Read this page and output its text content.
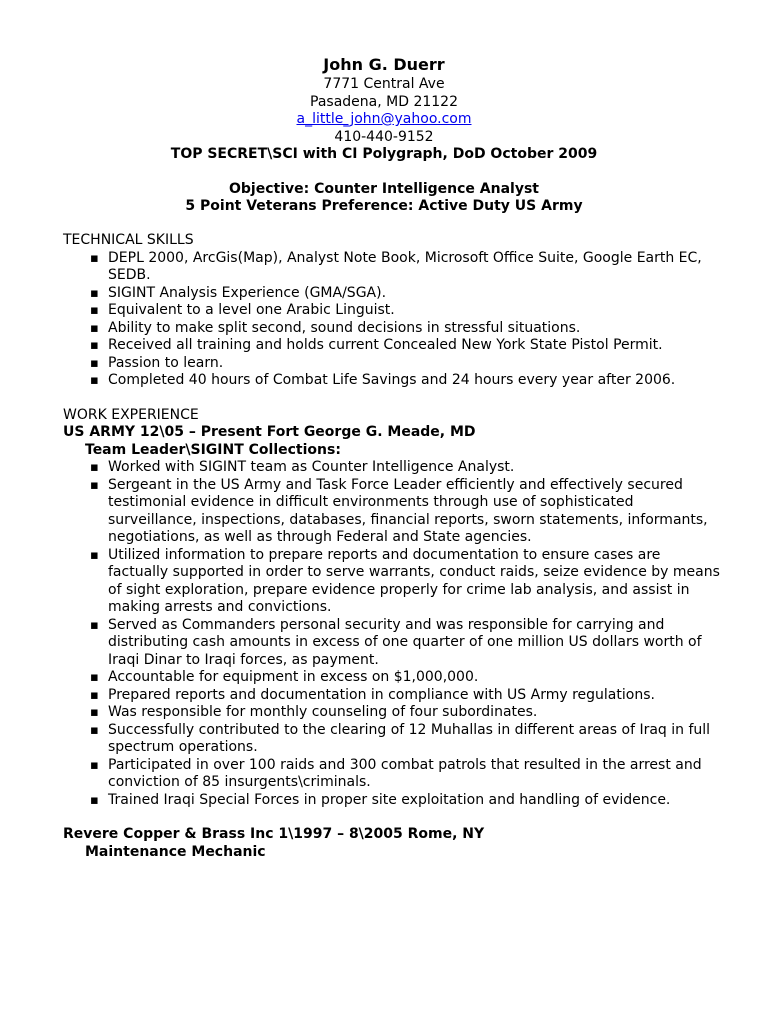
John G. Duerr
7771 Central Ave
Pasadena, MD 21122
a_little_john@yahoo.com
410-440-9152
TOP SECRET\SCI with CI Polygraph, DoD October 2009
Objective: Counter Intelligence Analyst
5 Point Veterans Preference: Active Duty US Army
TECHNICAL SKILLS
▪ DEPL 2000, ArcGis(Map), Analyst Note Book, Microsoft Office Suite, Google Earth EC, SEDB.
▪ SIGINT Analysis Experience (GMA/SGA).
▪ Equivalent to a level one Arabic Linguist.
▪ Ability to make split second, sound decisions in stressful situations.
▪ Received all training and holds current Concealed New York State Pistol Permit.
▪ Passion to learn.
▪ Completed 40 hours of Combat Life Savings and 24 hours every year after 2006.
WORK EXPERIENCE
US ARMY 12\05 – Present Fort George G. Meade, MD
Team Leader\SIGINT Collections:
▪ Worked with SIGINT team as Counter Intelligence Analyst.
▪ Sergeant in the US Army and Task Force Leader efficiently and effectively secured testimonial evidence in difficult environments through use of sophisticated surveillance, inspections, databases, financial reports, sworn statements, informants, negotiations, as well as through Federal and State agencies.
▪ Utilized information to prepare reports and documentation to ensure cases are factually supported in order to serve warrants, conduct raids, seize evidence by means of sight exploration, prepare evidence properly for crime lab analysis, and assist in making arrests and convictions.
▪ Served as Commanders personal security and was responsible for carrying and distributing cash amounts in excess of one quarter of one million US dollars worth of Iraqi Dinar to Iraqi forces, as payment.
▪ Accountable for equipment in excess on $1,000,000.
▪ Prepared reports and documentation in compliance with US Army regulations.
▪ Was responsible for monthly counseling of four subordinates.
▪ Successfully contributed to the clearing of 12 Muhallas in different areas of Iraq in full spectrum operations.
▪ Participated in over 100 raids and 300 combat patrols that resulted in the arrest and conviction of 85 insurgents\criminals.
▪ Trained Iraqi Special Forces in proper site exploitation and handling of evidence.
Revere Copper & Brass Inc 1\1997 – 8\2005 Rome, NY
Maintenance Mechanic
